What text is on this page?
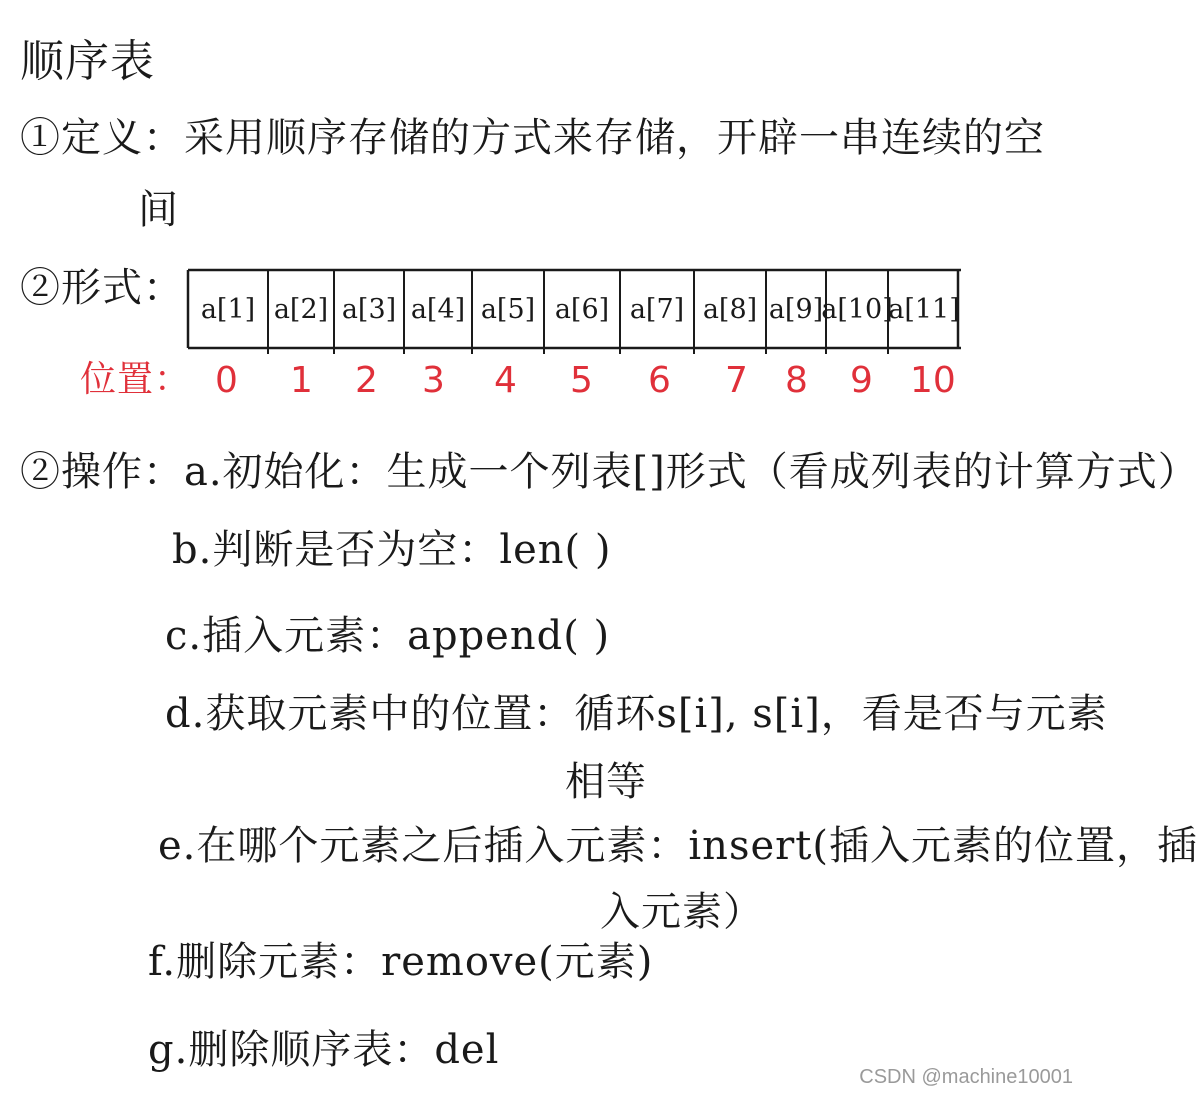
顺序表
①定义：采用顺序存储的方式来存储，开辟一串连续的空
间
②形式： a[1] a[2] a[3] a[4] a[5] a[6] a[7] a[8] a[9]
a[10]
a[11]
位置： 0 1 2 3 4 5 6 7 8 9 10
②操作：a.初始化：生成一个列表[]形式（看成列表的计算方式）
b.判断是否为空：len( )
c.插入元素：append( )
d.获取元素中的位置：循环s[i], s[i]，看是否与元素
相等
e.在哪个元素之后插入元素：insert(插入元素的位置，插
入元素）
f.删除元素：remove(元素)
g.删除顺序表：del
CSDN @machine10001
